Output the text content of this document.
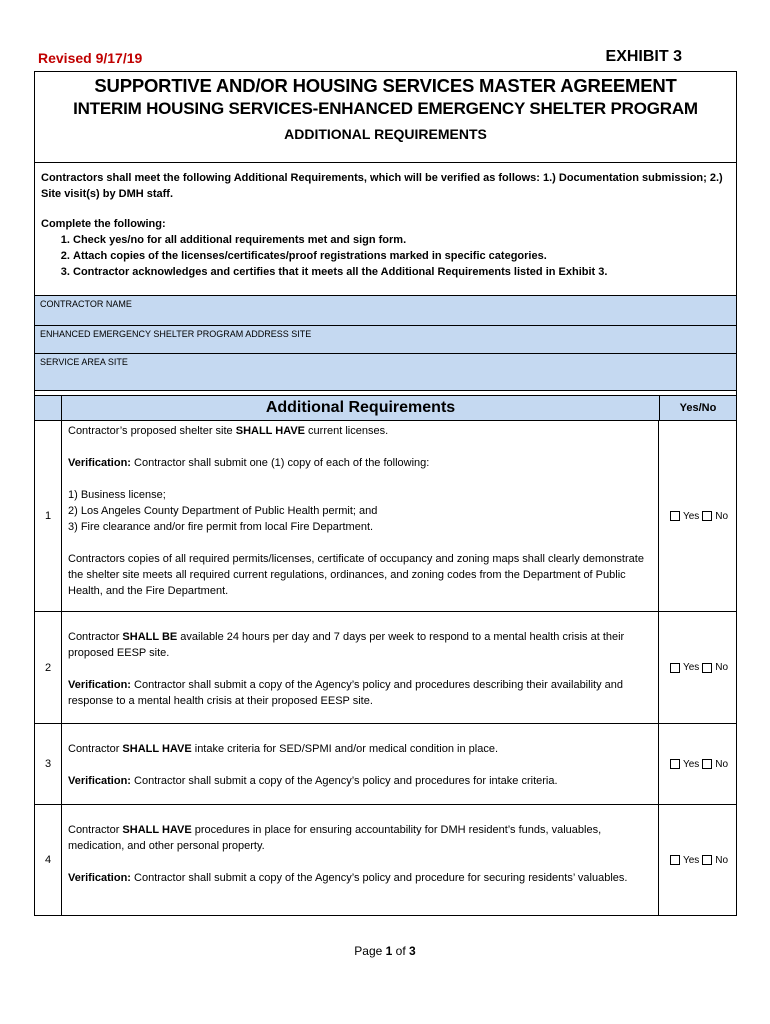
Revised 9/17/19	EXHIBIT 3
SUPPORTIVE AND/OR HOUSING SERVICES MASTER AGREEMENT
INTERIM HOUSING SERVICES-ENHANCED EMERGENCY SHELTER PROGRAM
ADDITIONAL REQUIREMENTS

Contractors shall meet the following Additional Requirements, which will be verified as follows: 1.) Documentation submission; 2.) Site visit(s) by DMH staff.

Complete the following:

1. Check yes/no for all additional requirements met and sign form.
2. Attach copies of the licenses/certificates/proof registrations marked in specific categories.
3. Contractor acknowledges and certifies that it meets all the Additional Requirements listed in Exhibit 3.
CONTRACTOR NAME
ENHANCED EMERGENCY SHELTER PROGRAM ADDRESS SITE
SERVICE AREA SITE
Additional Requirements	Yes/No
1

Contractor’s proposed shelter site SHALL HAVE current licenses.

Verification: Contractor shall submit one (1) copy of each of the following:

1) Business license;

2) Los Angeles County Department of Public Health permit; and

3) Fire clearance and/or fire permit from local Fire Department.

Contractors copies of all required permits/licenses, certificate of occupancy and zoning maps shall clearly demonstrate the shelter site meets all required current regulations, ordinances, and zoning codes from the Department of Public Health, and the Fire Department.

Yes No
2

Contractor SHALL BE available 24 hours per day and 7 days per week to respond to a mental health crisis at their proposed EESP site.

Verification: Contractor shall submit a copy of the Agency’s policy and procedures describing their availability and response to a mental health crisis at their proposed EESP site.

Yes No
3

Contractor SHALL HAVE intake criteria for SED/SPMI and/or medical condition in place.

Verification: Contractor shall submit a copy of the Agency’s policy and procedures for intake criteria.

Yes No
4

Contractor SHALL HAVE procedures in place for ensuring accountability for DMH resident’s funds, valuables, medication, and other personal property.

Verification: Contractor shall submit a copy of the Agency’s policy and procedure for securing residents’ valuables.

Yes No
Page 1 of 3
